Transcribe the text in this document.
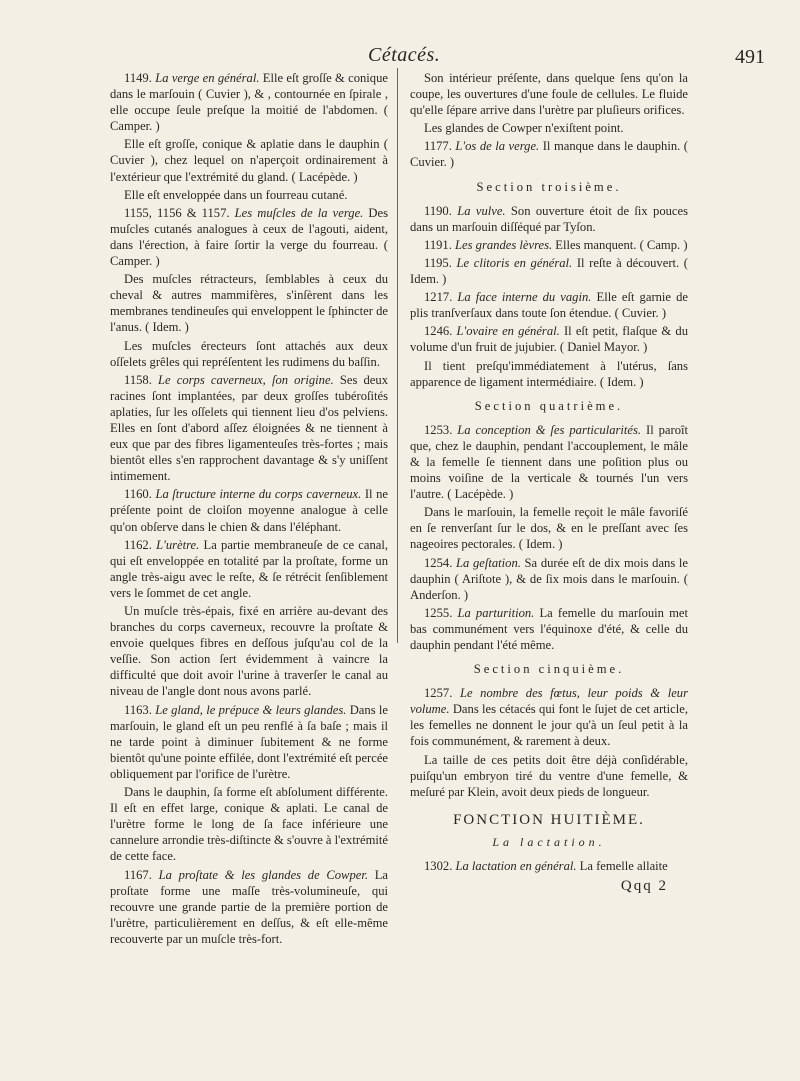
Cétacés.	491

1149. La verge en général. Elle eſt groſſe & conique dans le marſouin ( Cuvier ), & , contournée en ſpirale , elle occupe ſeule preſque la moitié de l'abdomen. ( Camper. )

Elle eſt groſſe, conique & aplatie dans le dauphin ( Cuvier ), chez lequel on n'aperçoit ordinairement à l'extérieur que l'extrémité du gland. ( Lacépède. )

Elle eſt enveloppée dans un fourreau cutané.

1155, 1156 & 1157. Les muſcles de la verge. Des muſcles cutanés analogues à ceux de l'agouti, aident, dans l'érection, à faire ſortir la verge du fourreau. ( Camper. )

Des muſcles rétracteurs, ſemblables à ceux du cheval & autres mammifères, s'inſèrent dans les membranes tendineuſes qui enveloppent le ſphincter de l'anus. ( Idem. )

Les muſcles érecteurs ſont attachés aux deux oſſelets grêles qui repréſentent les rudimens du baſſin.

1158. Le corps caverneux, ſon origine. Ses deux racines ſont implantées, par deux groſſes tubéroſités aplaties, ſur les oſſelets qui tiennent lieu d'os pelviens. Elles en ſont d'abord aſſez éloignées & ne tiennent à eux que par des fibres ligamenteuſes très-fortes ; mais bientôt elles s'en rapprochent davantage & s'y uniſſent intimement.

1160. La ſtructure interne du corps caverneux. Il ne préſente point de cloiſon moyenne analogue à celle qu'on obſerve dans le chien & dans l'éléphant.

1162. L'urètre. La partie membraneuſe de ce canal, qui eſt enveloppée en totalité par la proſtate, forme un angle très-aigu avec le reſte, & ſe rétrécit ſenſiblement vers le ſommet de cet angle.

Un muſcle très-épais, fixé en arrière au-devant des branches du corps caverneux, recouvre la proſtate & envoie quelques fibres en deſſous juſqu'au col de la veſſie. Son action ſert évidemment à vaincre la difficulté que doit avoir l'urine à traverſer le canal au niveau de l'angle dont nous avons parlé.

1163. Le gland, le prépuce & leurs glandes. Dans le marſouin, le gland eſt un peu renflé à ſa baſe ; mais il ne tarde point à diminuer ſubitement & ne forme bientôt qu'une pointe effilée, dont l'extrémité eſt percée obliquement par l'orifice de l'urètre.

Dans le dauphin, ſa forme eſt abſolument différente. Il eſt en effet large, conique & aplati. Le canal de l'urètre forme le long de ſa face inférieure une cannelure arrondie très-diſtincte & s'ouvre à l'extrémité de cette face.

1167. La proſtate & les glandes de Cowper. La proſtate forme une maſſe très-volumineuſe, qui recouvre une grande partie de la première portion de l'urètre, particulièrement en deſſus, & eſt elle-même recouverte par un muſcle très-fort.

Son intérieur préſente, dans quelque ſens qu'on la coupe, les ouvertures d'une foule de cellules. Le fluide qu'elle ſépare arrive dans l'urètre par pluſieurs orifices.

Les glandes de Cowper n'exiſtent point.

1177. L'os de la verge. Il manque dans le dauphin. ( Cuvier. )

Section troisième.

1190. La vulve. Son ouverture étoit de ſix pouces dans un marſouin diſſéqué par Tyſon.

1191. Les grandes lèvres. Elles manquent. ( Camp. )

1195. Le clitoris en général. Il reſte à découvert. ( Idem. )

1217. La face interne du vagin. Elle eſt garnie de plis tranſverſaux dans toute ſon étendue. ( Cuvier. )

1246. L'ovaire en général. Il eſt petit, flaſque & du volume d'un fruit de jujubier. ( Daniel Mayor. )

Il tient preſqu'immédiatement à l'utérus, ſans apparence de ligament intermédiaire. ( Idem. )

Section quatrième.

1253. La conception & ſes particularités. Il paroît que, chez le dauphin, pendant l'accouplement, le mâle & la femelle ſe tiennent dans une poſition plus ou moins voiſine de la verticale & tournés l'un vers l'autre. ( Lacépède. )

Dans le marſouin, la femelle reçoit le mâle favoriſé en ſe renverſant ſur le dos, & en le preſſant avec ſes nageoires pectorales. ( Idem. )

1254. La geſtation. Sa durée eſt de dix mois dans le dauphin ( Ariſtote ), & de ſix mois dans le marſouin. ( Anderſon. )

1255. La parturition. La femelle du marſouin met bas communément vers l'équinoxe d'été, & celle du dauphin pendant l'été même.

Section cinquième.

1257. Le nombre des fœtus, leur poids & leur volume. Dans les cétacés qui font le ſujet de cet article, les femelles ne donnent le jour qu'à un ſeul petit à la fois communément, & rarement à deux.

La taille de ces petits doit être déjà conſidérable, puiſqu'un embryon tiré du ventre d'une femelle, & meſuré par Klein, avoit deux pieds de longueur.

FONCTION HUITIÈME.

La lactation.

1302. La lactation en général. La femelle allaite

Qqq 2
